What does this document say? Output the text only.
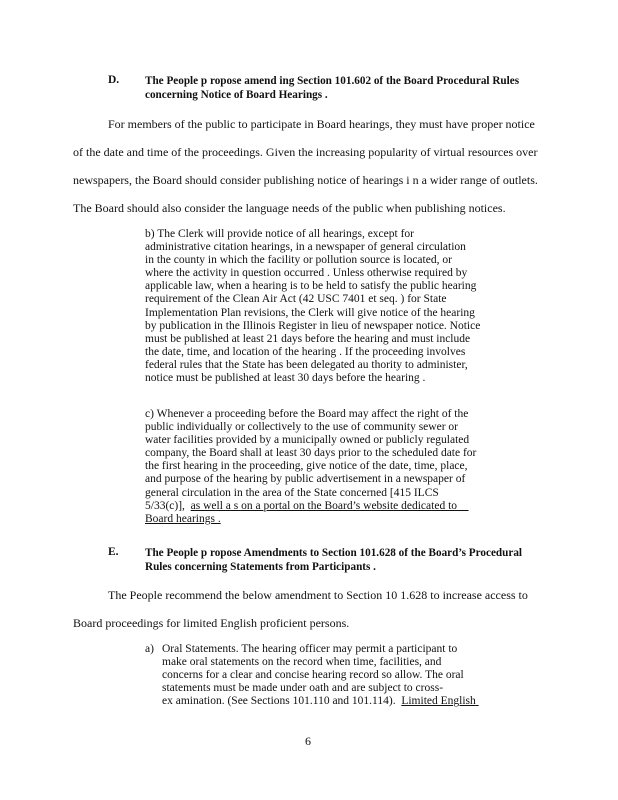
D. The People p ropose amend ing Section 101.602 of the Board Procedural Rules
concerning Notice of Board Hearings .
For members of the public to participate in Board hearings, they must have proper notice
of the date and time of the proceedings. Given the increasing popularity of virtual resources over
newspapers, the Board should consider publishing notice of hearings i n a wider range of outlets.
The Board should also consider the language needs of the public when publishing notices.
b) The Clerk will provide notice of all hearings, except for
administrative citation hearings, in a newspaper of general circulation
in the county in which the facility or pollution source is located, or
where the activity in question occurred . Unless otherwise required by
applicable law, when a hearing is to be held to satisfy the public hearing
requirement of the Clean Air Act (42 USC 7401 et seq. ) for State
Implementation Plan revisions, the Clerk will give notice of the hearing
by publication in the Illinois Register in lieu of newspaper notice. Notice
must be published at least 21 days before the hearing and must include
the date, time, and location of the hearing . If the proceeding involves
federal rules that the State has been delegated au thority to administer,
notice must be published at least 30 days before the hearing .
c) Whenever a proceeding before the Board may affect the right of the
public individually or collectively to the use of community sewer or
water facilities provided by a municipally owned or publicly regulated
company, the Board shall at least 30 days prior to the scheduled date for
the first hearing in the proceeding, give notice of the date, time, place,
and purpose of the hearing by public advertisement in a newspaper of
general circulation in the area of the State concerned [415 ILCS
5/33(c)], as well a s on a portal on the Board’s website dedicated to
Board hearings .
E. The People p ropose Amendments to Section 101.628 of the Board’s Procedural
Rules concerning Statements from Participants .
The People recommend the below amendment to Section 10 1.628 to increase access to
Board proceedings for limited English proficient persons.
a) Oral Statements. The hearing officer may permit a participant to
make oral statements on the record when time, facilities, and
concerns for a clear and concise hearing record so allow. The oral
statements must be made under oath and are subject to cross-
ex amination. (See Sections 101.110 and 101.114). Limited English
6
